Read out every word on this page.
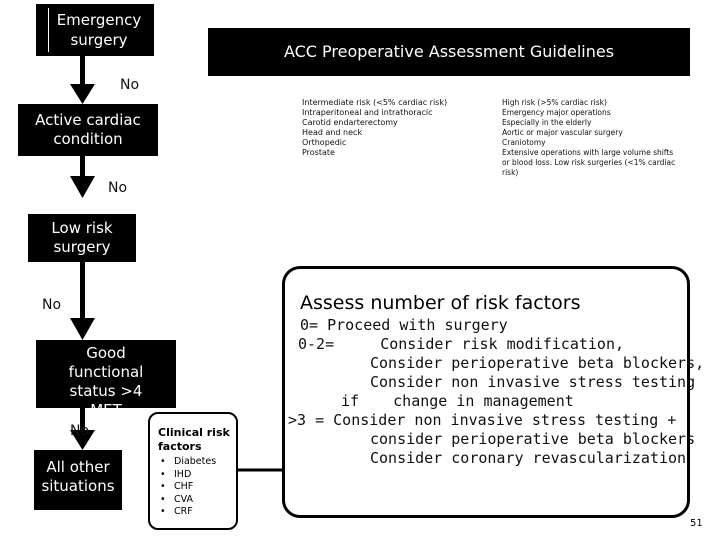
Emergency surgery
ACC Preoperative Assessment Guidelines
Active cardiac condition
Low risk surgery
Good functional status >4 MET
All other situations
No
No
No
No
Intermediate risk (<5% cardiac risk)
Intraperitoneal and intrathoracic
Carotid endarterectomy
Head and neck
Orthopedic
Prostate
High risk (>5% cardiac risk)
Emergency major operations
Especially in the elderly
Aortic or major vascular surgery
Craniotomy
Extensive operations with large volume shifts
or blood loss. Low risk surgeries (<1% cardiac
risk)
Assess number of risk factors
0= Proceed with surgery
0-2=	Consider risk modification,
Consider perioperative beta blockers,
Consider non invasive stress testing
if change in management
>3 = Consider non invasive stress testing +
consider perioperative beta blockers
Consider coronary revascularization
Clinical risk factors
• Diabetes
• IHD
• CHF
• CVA
• CRF
51
